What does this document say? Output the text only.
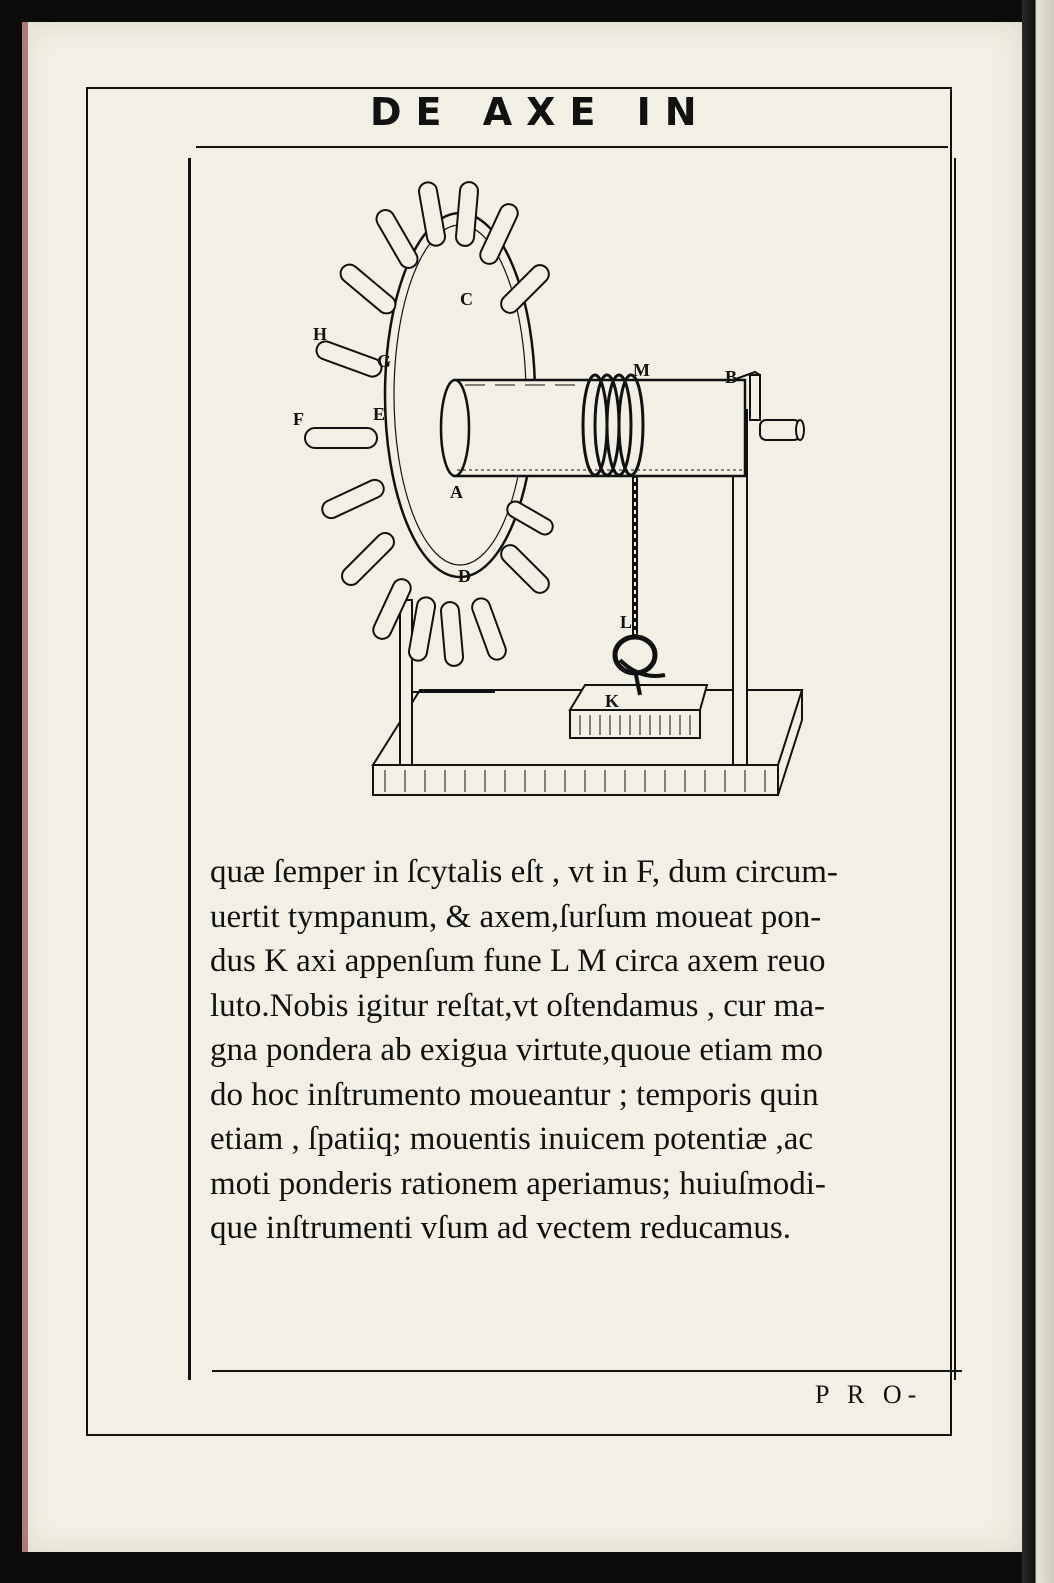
DE AXE IN
A
B
C
D
E
F
G
H
K
L
M

quæ ſemper in ſcytalis eſt , vt in F, dum circum-

uertit tympanum, & axem,ſurſum moueat pon-

dus K axi appenſum fune L M circa axem reuo

luto.Nobis igitur reſtat,vt oſtendamus , cur ma-

gna pondera ab exigua virtute,quoue etiam mo

do hoc inſtrumento moueantur ; temporis quin

etiam , ſpatiiq; mouentis inuicem potentiæ ,ac

moti ponderis rationem aperiamus; huiuſmodi-

que inſtrumenti vſum ad vectem reducamus.

P R O-
